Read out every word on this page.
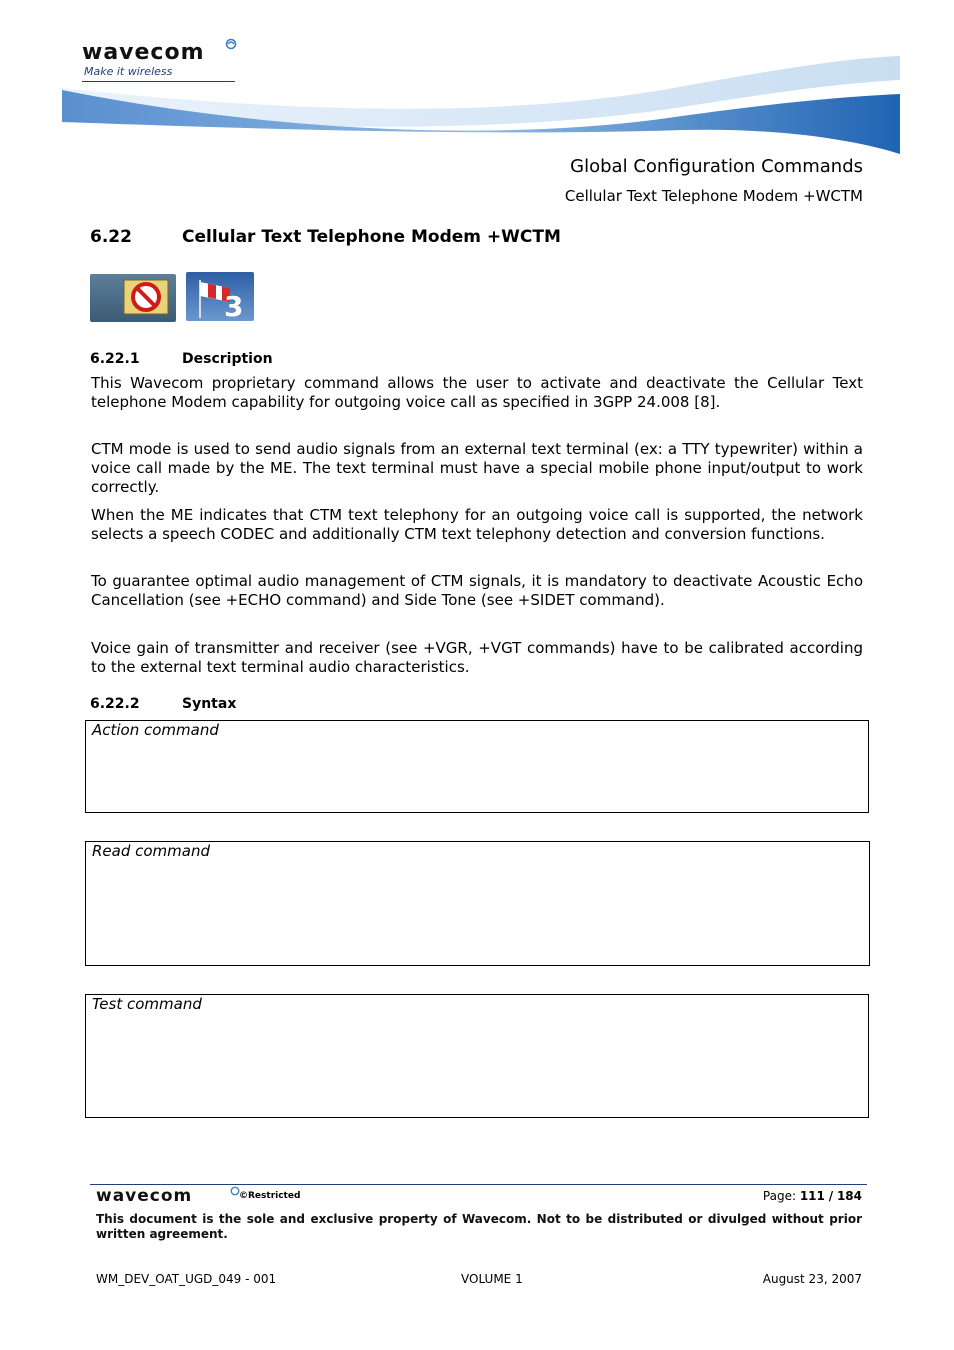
wavecom
Make it wireless
Global Configuration Commands
Cellular Text Telephone Modem +WCTM
6.22	Cellular Text Telephone Modem +WCTM
3
6.22.1	Description
This Wavecom proprietary command allows the user to activate and deactivate the Cellular Text telephone Modem capability for outgoing voice call as specified in 3GPP 24.008 [8].
CTM mode is used to send audio signals from an external text terminal (ex: a TTY typewriter) within a voice call made by the ME. The text terminal must have a special mobile phone input/output to work correctly.
When the ME indicates that CTM text telephony for an outgoing voice call is supported, the network selects a speech CODEC and additionally CTM text telephony detection and conversion functions.
To guarantee optimal audio management of CTM signals, it is mandatory to deactivate Acoustic Echo Cancellation (see +ECHO command) and Side Tone (see +SIDET command).
Voice gain of transmitter and receiver (see +VGR, +VGT commands) have to be calibrated according to the external text terminal audio characteristics.
6.22.2	Syntax
Action command
Read command
Test command
wavecom	©Restricted	Page: 111 / 184
This document is the sole and exclusive property of Wavecom. Not to be distributed or divulged without prior written agreement.
WM_DEV_OAT_UGD_049 - 001	VOLUME 1	August 23, 2007
